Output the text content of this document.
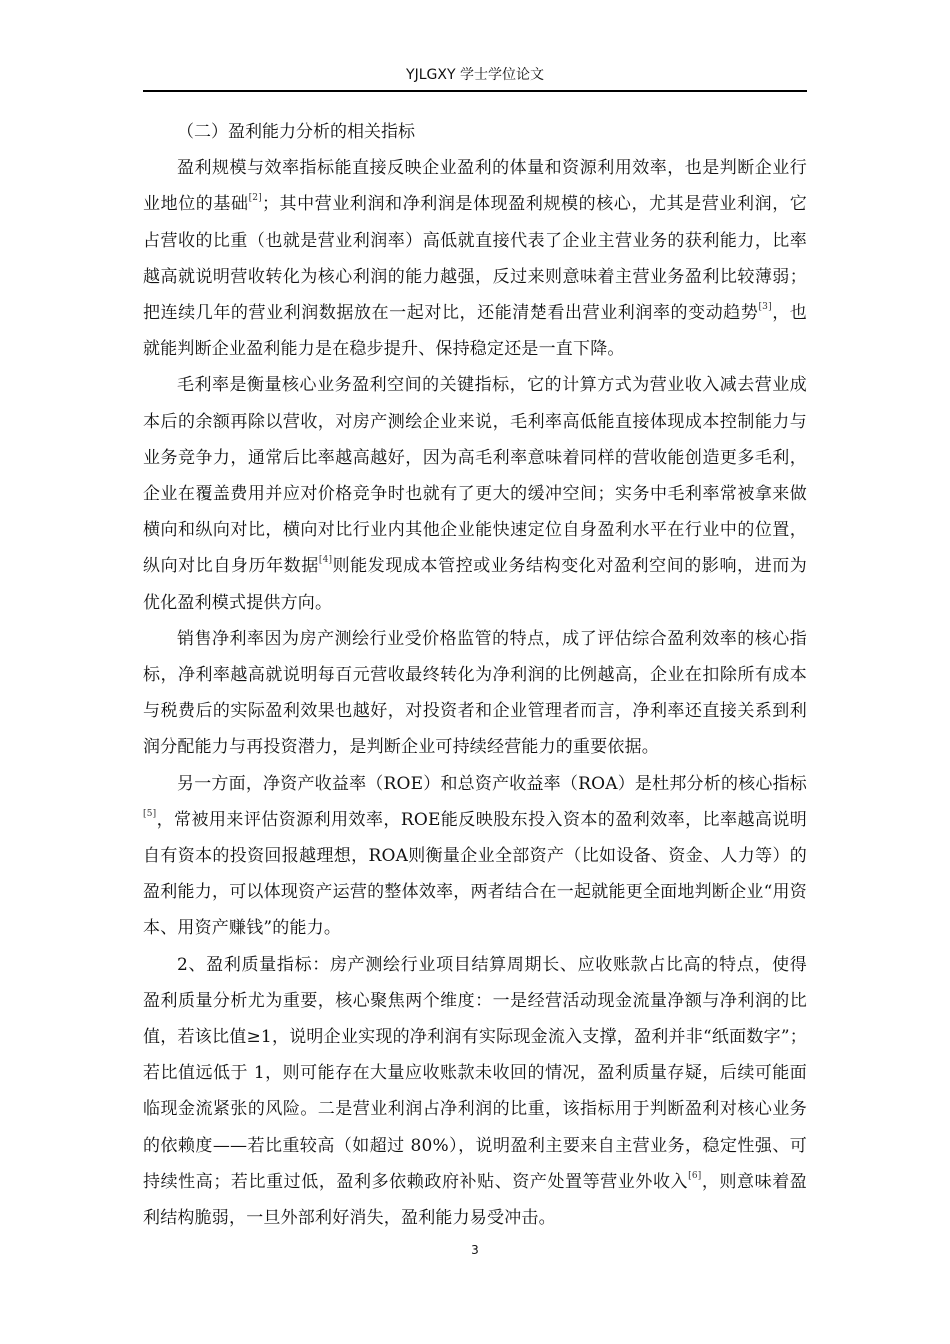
YJLGXY 学士学位论文

（二）盈利能力分析的相关指标

盈利规模与效率指标能直接反映企业盈利的体量和资源利用效率，也是判断企业行业地位的基础[2]；其中营业利润和净利润是体现盈利规模的核心，尤其是营业利润，它占营收的比重（也就是营业利润率）高低就直接代表了企业主营业务的获利能力，比率越高就说明营收转化为核心利润的能力越强，反过来则意味着主营业务盈利比较薄弱；把连续几年的营业利润数据放在一起对比，还能清楚看出营业利润率的变动趋势[3]，也就能判断企业盈利能力是在稳步提升、保持稳定还是一直下降。

毛利率是衡量核心业务盈利空间的关键指标，它的计算方式为营业收入减去营业成本后的余额再除以营收，对房产测绘企业来说，毛利率高低能直接体现成本控制能力与业务竞争力，通常后比率越高越好，因为高毛利率意味着同样的营收能创造更多毛利，企业在覆盖费用并应对价格竞争时也就有了更大的缓冲空间；实务中毛利率常被拿来做横向和纵向对比，横向对比行业内其他企业能快速定位自身盈利水平在行业中的位置，纵向对比自身历年数据[4]则能发现成本管控或业务结构变化对盈利空间的影响，进而为优化盈利模式提供方向。

销售净利率因为房产测绘行业受价格监管的特点，成了评估综合盈利效率的核心指标，净利率越高就说明每百元营收最终转化为净利润的比例越高，企业在扣除所有成本与税费后的实际盈利效果也越好，对投资者和企业管理者而言，净利率还直接关系到利润分配能力与再投资潜力，是判断企业可持续经营能力的重要依据。

另一方面，净资产收益率（ROE）和总资产收益率（ROA）是杜邦分析的核心指标[5]，常被用来评估资源利用效率，ROE能反映股东投入资本的盈利效率，比率越高说明自有资本的投资回报越理想，ROA则衡量企业全部资产（比如设备、资金、人力等）的盈利能力，可以体现资产运营的整体效率，两者结合在一起就能更全面地判断企业“用资本、用资产赚钱”的能力。

2、盈利质量指标：房产测绘行业项目结算周期长、应收账款占比高的特点，使得盈利质量分析尤为重要，核心聚焦两个维度：一是经营活动现金流量净额与净利润的比值，若该比值≥1，说明企业实现的净利润有实际现金流入支撑，盈利并非“纸面数字”；若比值远低于 1，则可能存在大量应收账款未收回的情况，盈利质量存疑，后续可能面临现金流紧张的风险。二是营业利润占净利润的比重，该指标用于判断盈利对核心业务的依赖度——若比重较高（如超过 80%），说明盈利主要来自主营业务，稳定性强、可持续性高；若比重过低，盈利多依赖政府补贴、资产处置等营业外收入[6]，则意味着盈利结构脆弱，一旦外部利好消失，盈利能力易受冲击。

3
